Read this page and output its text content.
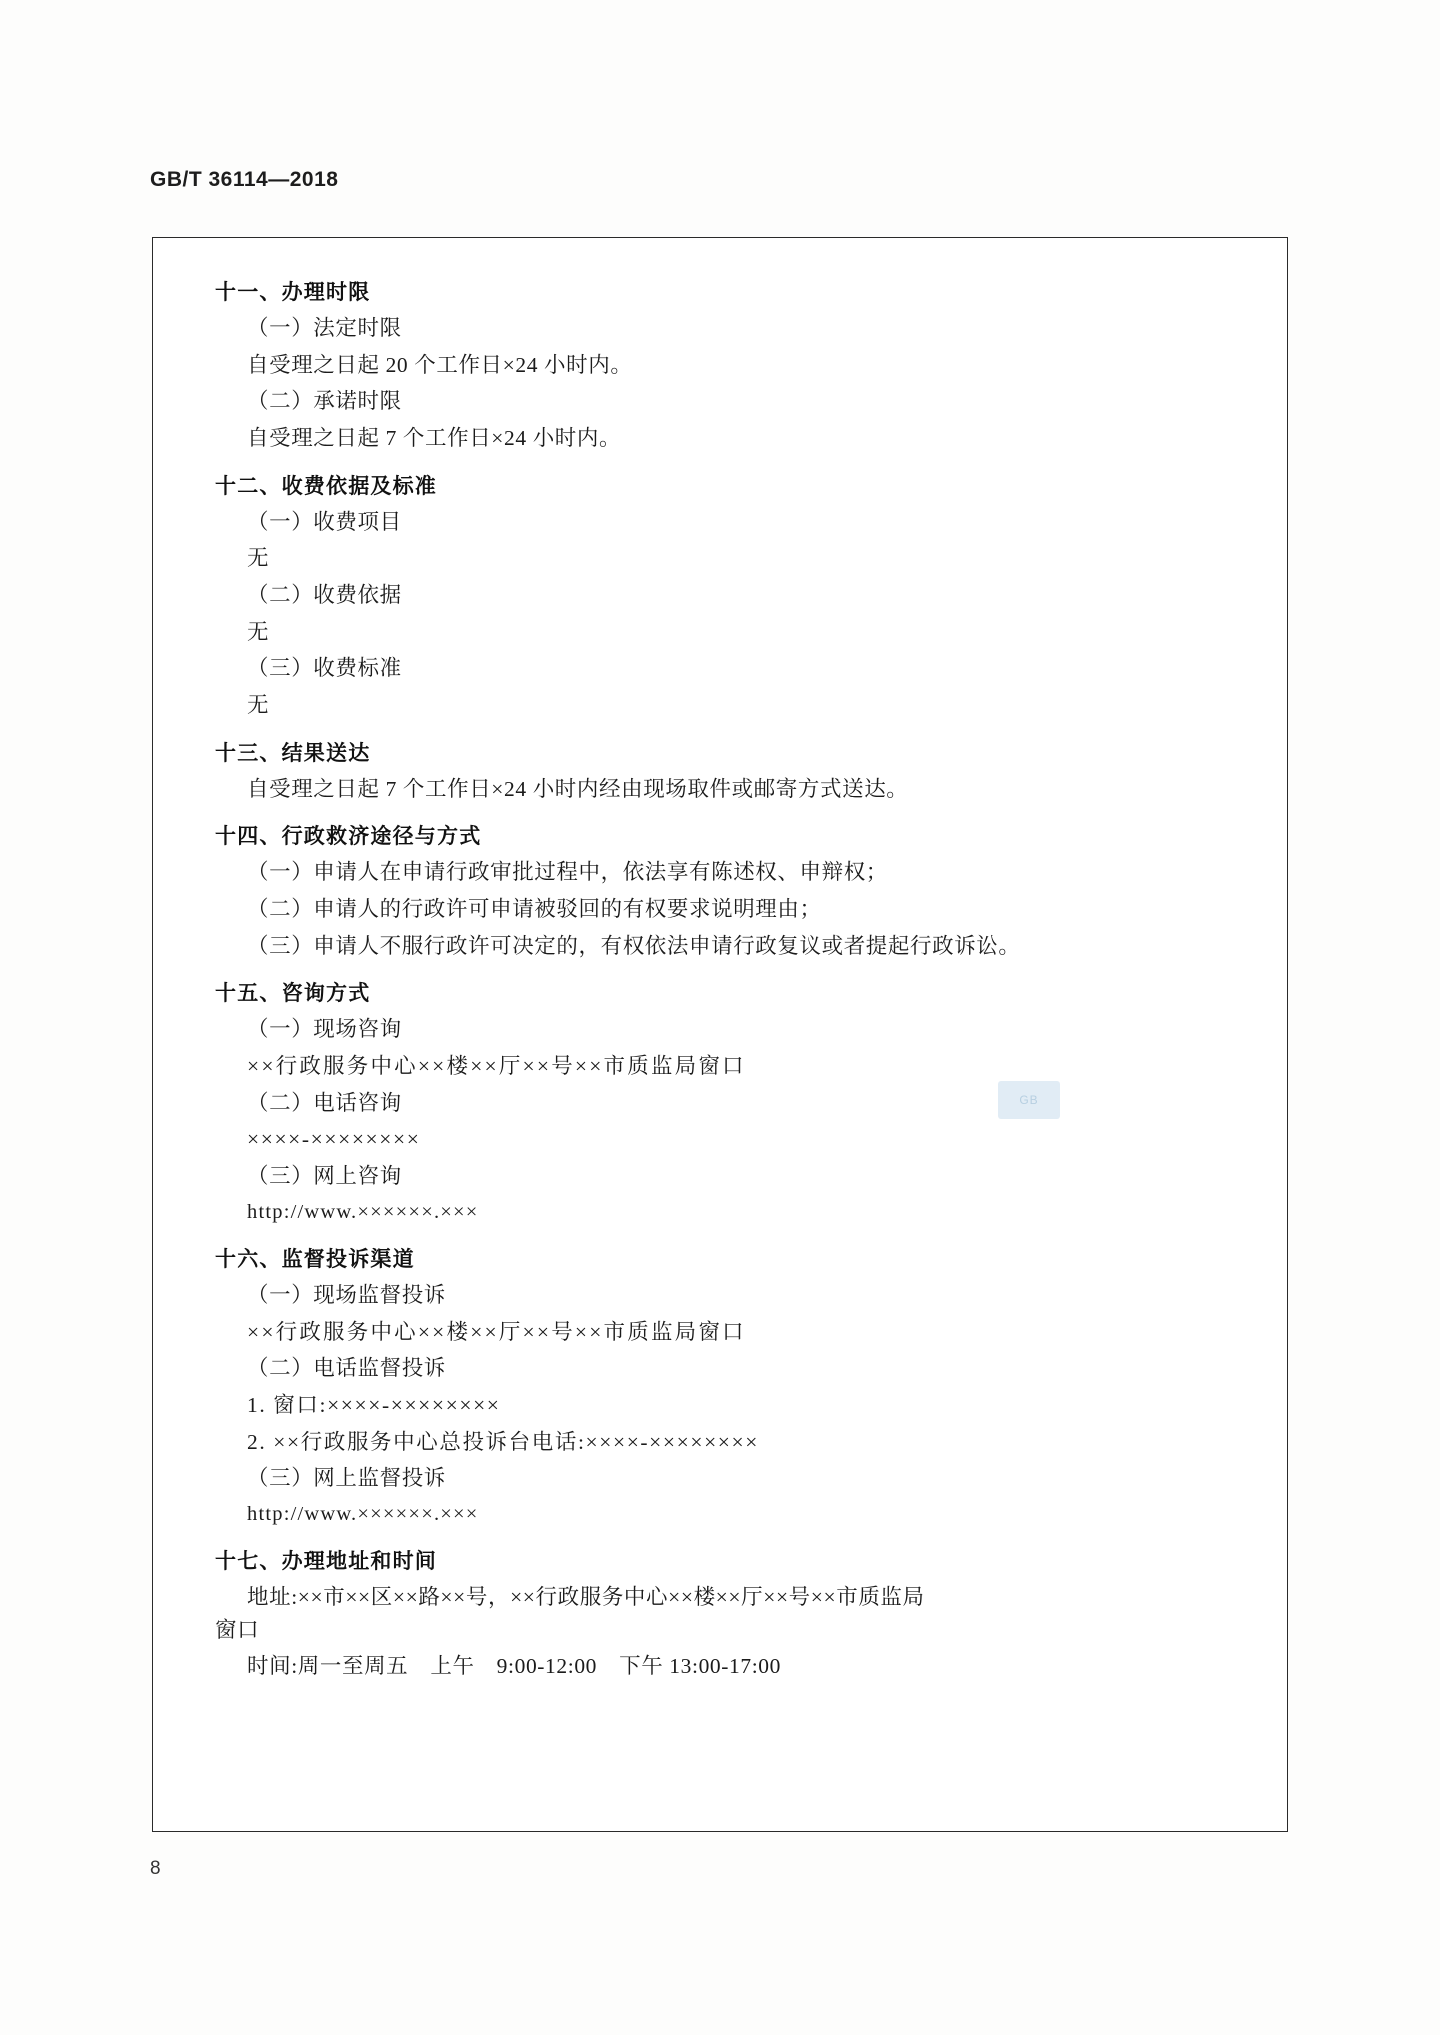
GB/T 36114—2018
十一、办理时限
（一）法定时限
自受理之日起 20 个工作日×24 小时内。
（二）承诺时限
自受理之日起 7 个工作日×24 小时内。
十二、收费依据及标准
（一）收费项目
无
（二）收费依据
无
（三）收费标准
无
十三、结果送达
自受理之日起 7 个工作日×24 小时内经由现场取件或邮寄方式送达。
十四、行政救济途径与方式
（一）申请人在申请行政审批过程中，依法享有陈述权、申辩权；
（二）申请人的行政许可申请被驳回的有权要求说明理由；
（三）申请人不服行政许可决定的，有权依法申请行政复议或者提起行政诉讼。
十五、咨询方式
（一）现场咨询
××行政服务中心××楼××厅××号××市质监局窗口
（二）电话咨询
××××-××××××××
（三）网上咨询
http://www.××××××.×××
十六、监督投诉渠道
（一）现场监督投诉
××行政服务中心××楼××厅××号××市质监局窗口
（二）电话监督投诉
1. 窗口:××××-××××××××
2. ××行政服务中心总投诉台电话:××××-××××××××
（三）网上监督投诉
http://www.××××××.×××
十七、办理地址和时间
地址:××市××区××路××号，××行政服务中心××楼××厅××号××市质监局
窗口
时间:周一至周五　上午　9:00-12:00　下午 13:00-17:00
GB
8
